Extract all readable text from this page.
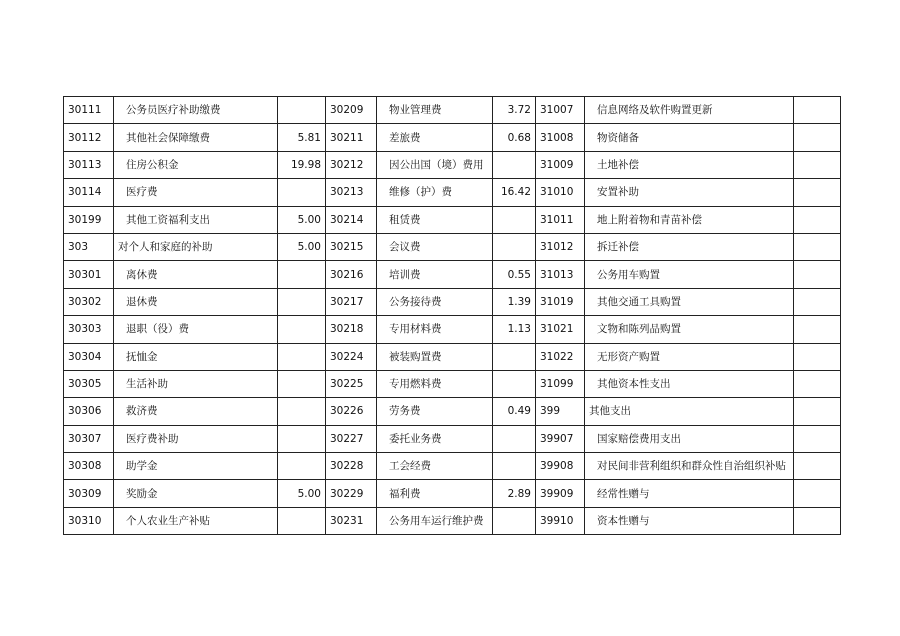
30111	公务员医疗补助缴费		30209	物业管理费	3.72	31007	信息网络及软件购置更新	
30112	其他社会保障缴费	5.81	30211	差旅费	0.68	31008	物资储备	
30113	住房公积金	19.98	30212	因公出国（境）费用		31009	土地补偿	
30114	医疗费		30213	维修（护）费	16.42	31010	安置补助	
30199	其他工资福利支出	5.00	30214	租赁费		31011	地上附着物和青苗补偿	
303	对个人和家庭的补助	5.00	30215	会议费		31012	拆迁补偿	
30301	离休费		30216	培训费	0.55	31013	公务用车购置	
30302	退休费		30217	公务接待费	1.39	31019	其他交通工具购置	
30303	退职（役）费		30218	专用材料费	1.13	31021	文物和陈列品购置	
30304	抚恤金		30224	被装购置费		31022	无形资产购置	
30305	生活补助		30225	专用燃料费		31099	其他资本性支出	
30306	救济费		30226	劳务费	0.49	399	其他支出	
30307	医疗费补助		30227	委托业务费		39907	国家赔偿费用支出	
30308	助学金		30228	工会经费		39908	对民间非营利组织和群众性自治组织补贴	
30309	奖励金	5.00	30229	福利费	2.89	39909	经常性赠与	
30310	个人农业生产补贴		30231	公务用车运行维护费		39910	资本性赠与	
